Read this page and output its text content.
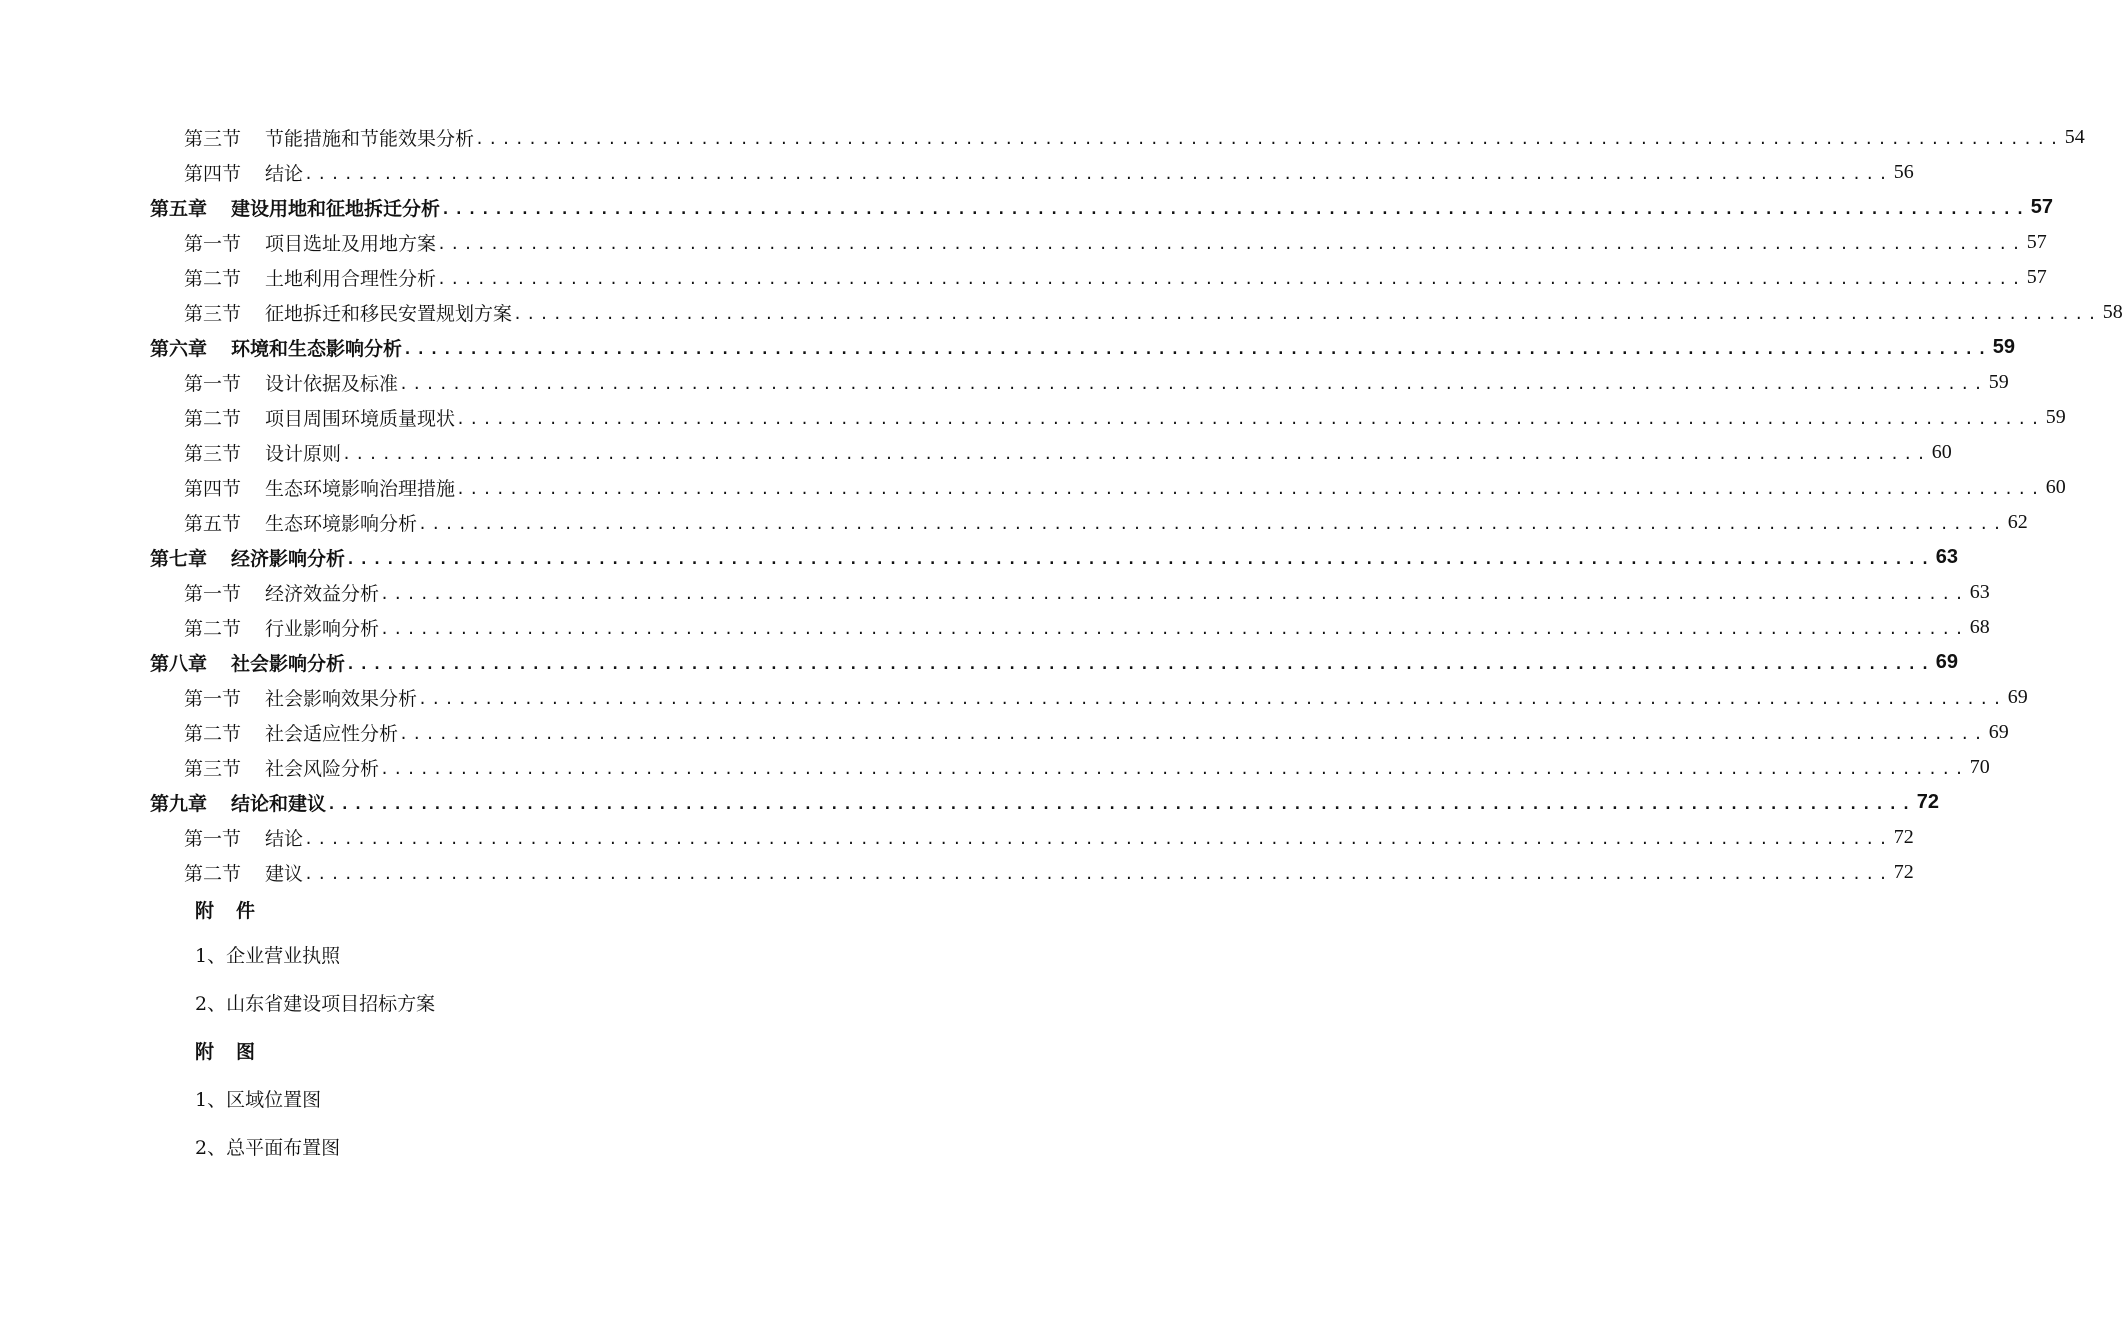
第三节 节能措施和节能效果分析 ........................................................................................................................ 54
第四节 结论 ........................................................................................................................ 56
第五章 建设用地和征地拆迁分析 ........................................................................................................................ 57
第一节 项目选址及用地方案 ........................................................................................................................ 57
第二节 土地利用合理性分析 ........................................................................................................................ 57
第三节 征地拆迁和移民安置规划方案 ........................................................................................................................ 58
第六章 环境和生态影响分析 ........................................................................................................................ 59
第一节 设计依据及标准 ........................................................................................................................ 59
第二节 项目周围环境质量现状 ........................................................................................................................ 59
第三节 设计原则 ........................................................................................................................ 60
第四节 生态环境影响治理措施 ........................................................................................................................ 60
第五节 生态环境影响分析 ........................................................................................................................ 62
第七章 经济影响分析 ........................................................................................................................ 63
第一节 经济效益分析 ........................................................................................................................ 63
第二节 行业影响分析 ........................................................................................................................ 68
第八章 社会影响分析 ........................................................................................................................ 69
第一节 社会影响效果分析 ........................................................................................................................ 69
第二节 社会适应性分析 ........................................................................................................................ 69
第三节 社会风险分析 ........................................................................................................................ 70
第九章 结论和建议 ........................................................................................................................ 72
第一节 结论 ........................................................................................................................ 72
第二节 建议 ........................................................................................................................ 72
附 件
1、企业营业执照
2、山东省建设项目招标方案
附 图
1、区域位置图
2、总平面布置图
